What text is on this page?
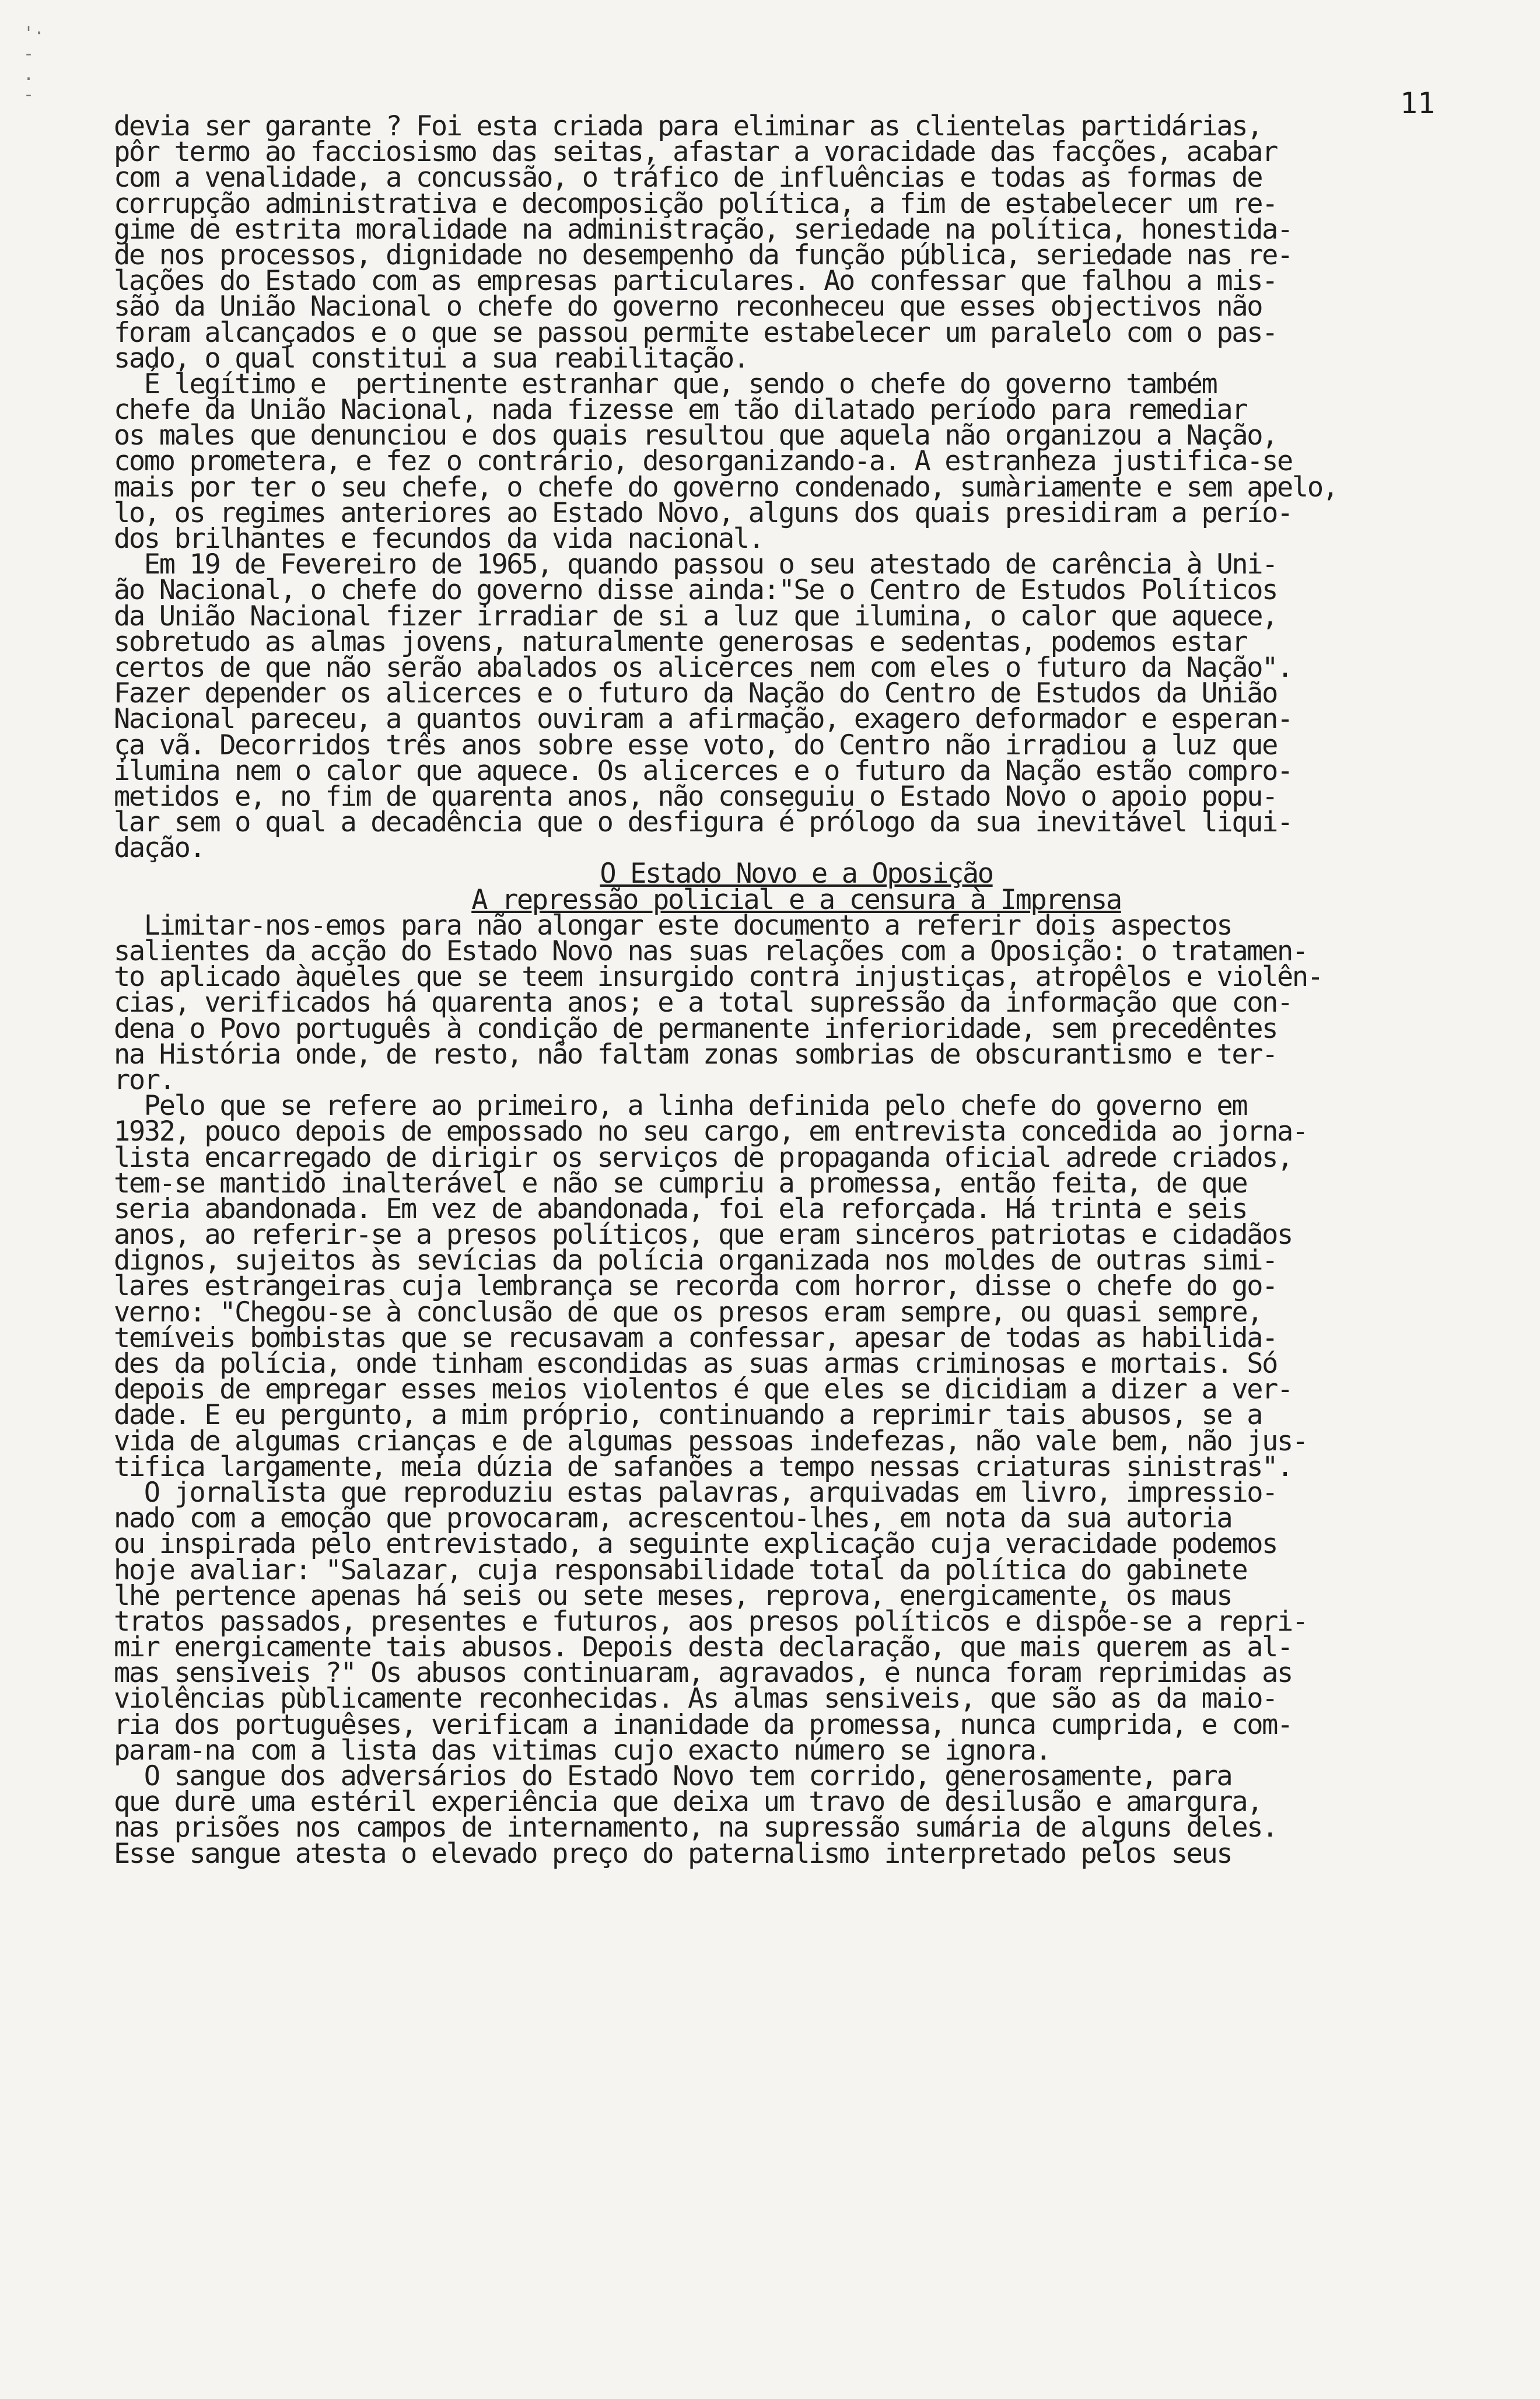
'· ‑ . ‑	11
devia ser garante ? Foi esta criada para eliminar as clientelas partidárias,
pôr termo ao facciosismo das seitas, afastar a voracidade das facções, acabar
com a venalidade, a concussão, o tráfico de influências e todas as formas de
corrupção administrativa e decomposição política, a fim de estabelecer um re-
gime de estrita moralidade na administração, seriedade na política, honestida-
de nos processos, dignidade no desempenho da função pública, seriedade nas re-
lações do Estado com as empresas particulares. Ao confessar que falhou a mis-
são da União Nacional o chefe do governo reconheceu que esses objectivos não
foram alcançados e o que se passou permite estabelecer um paralelo com o pas-
sado, o qual constitui a sua reabilitação.
É legítimo e  pertinente estranhar que, sendo o chefe do governo também
chefe da União Nacional, nada fizesse em tão dilatado período para remediar
os males que denunciou e dos quais resultou que aquela não organizou a Nação,
como prometera, e fez o contrário, desorganizando-a. A estranheza justifica-se
mais por ter o seu chefe, o chefe do governo condenado, sumàriamente e sem apelo,
lo, os regimes anteriores ao Estado Novo, alguns dos quais presidiram a perío-
dos brilhantes e fecundos da vida nacional.
Em 19 de Fevereiro de 1965, quando passou o seu atestado de carência à Uni-
ão Nacional, o chefe do governo disse ainda:"Se o Centro de Estudos Políticos
da União Nacional fizer irradiar de si a luz que ilumina, o calor que aquece,
sobretudo as almas jovens, naturalmente generosas e sedentas, podemos estar
certos de que não serão abalados os alicerces nem com eles o futuro da Nação".
Fazer depender os alicerces e o futuro da Nação do Centro de Estudos da União
Nacional pareceu, a quantos ouviram a afirmação, exagero deformador e esperan-
ça vã. Decorridos três anos sobre esse voto, do Centro não irradiou a luz que
ilumina nem o calor que aquece. Os alicerces e o futuro da Nação estão compro-
metidos e, no fim de quarenta anos, não conseguiu o Estado Novo o apoio popu-
lar sem o qual a decadência que o desfigura é prólogo da sua inevitável liqui-
dação.
O Estado Novo e a Oposição
A repressão policial e a censura à Imprensa
Limitar-nos-emos para não alongar este documento a referir dois aspectos
salientes da acção do Estado Novo nas suas relações com a Oposição: o tratamen-
to aplicado àqueles que se teem insurgido contra injustiças, atropêlos e violên-
cias, verificados há quarenta anos; e a total supressão da informação que con-
dena o Povo português à condição de permanente inferioridade, sem precedêntes
na História onde, de resto, não faltam zonas sombrias de obscurantismo e ter-
ror.
Pelo que se refere ao primeiro, a linha definida pelo chefe do governo em
1932, pouco depois de empossado no seu cargo, em entrevista concedida ao jorna-
lista encarregado de dirigir os serviços de propaganda oficial adrede criados,
tem-se mantido inalterável e não se cumpriu a promessa, então feita, de que
seria abandonada. Em vez de abandonada, foi ela reforçada. Há trinta e seis
anos, ao referir-se a presos políticos, que eram sinceros patriotas e cidadãos
dignos, sujeitos às sevícias da polícia organizada nos moldes de outras simi-
lares estrangeiras cuja lembrança se recorda com horror, disse o chefe do go-
verno: "Chegou-se à conclusão de que os presos eram sempre, ou quasi sempre,
temíveis bombistas que se recusavam a confessar, apesar de todas as habilida-
des da polícia, onde tinham escondidas as suas armas criminosas e mortais. Só
depois de empregar esses meios violentos é que eles se dicidiam a dizer a ver-
dade. E eu pergunto, a mim próprio, continuando a reprimir tais abusos, se a
vida de algumas crianças e de algumas pessoas indefezas, não vale bem, não jus-
tifica largamente, meia dúzia de safanões a tempo nessas criaturas sinistras".
O jornalista que reproduziu estas palavras, arquivadas em livro, impressio-
nado com a emoção que provocaram, acrescentou-lhes, em nota da sua autoria
ou inspirada pelo entrevistado, a seguinte explicação cuja veracidade podemos
hoje avaliar: "Salazar, cuja responsabilidade total da política do gabinete
lhe pertence apenas há seis ou sete meses, reprova, energicamente, os maus
tratos passados, presentes e futuros, aos presos políticos e dispõe-se a repri-
mir energicamente tais abusos. Depois desta declaração, que mais querem as al-
mas sensiveis ?" Os abusos continuaram, agravados, e nunca foram reprimidas as
violências pùblicamente reconhecidas. As almas sensiveis, que são as da maio-
ria dos portuguêses, verificam a inanidade da promessa, nunca cumprida, e com-
param-na com a lista das vitimas cujo exacto número se ignora.
O sangue dos adversários do Estado Novo tem corrido, generosamente, para
que dure uma estéril experiência que deixa um travo de desilusão e amargura,
nas prisões nos campos de internamento, na supressão sumária de alguns deles.
Esse sangue atesta o elevado preço do paternalismo interpretado pelos seus
